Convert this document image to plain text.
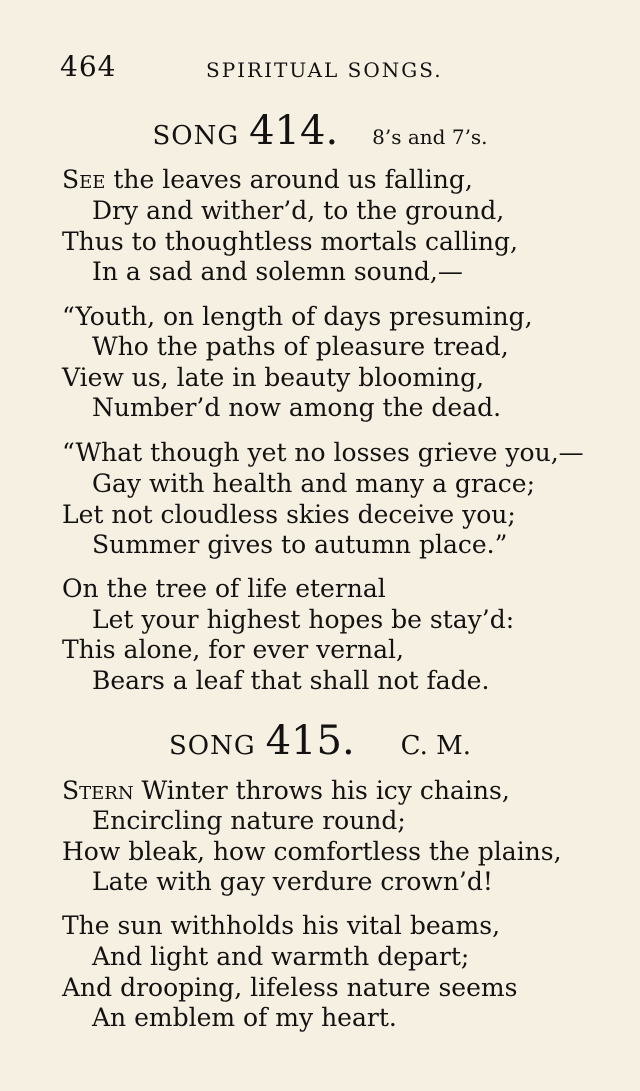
464	SPIRITUAL SONGS.
SONG 414. 8’s and 7’s.
See the leaves around us falling,
Dry and wither’d, to the ground,
Thus to thoughtless mortals calling,
In a sad and solemn sound,—
“Youth, on length of days presuming,
Who the paths of pleasure tread,
View us, late in beauty blooming,
Number’d now among the dead.
“What though yet no losses grieve you,—
Gay with health and many a grace;
Let not cloudless skies deceive you;
Summer gives to autumn place.”
On the tree of life eternal
Let your highest hopes be stay’d:
This alone, for ever vernal,
Bears a leaf that shall not fade.
SONG 415. C. M.
Stern Winter throws his icy chains,
Encircling nature round;
How bleak, how comfortless the plains,
Late with gay verdure crown’d!
The sun withholds his vital beams,
And light and warmth depart;
And drooping, lifeless nature seems
An emblem of my heart.
